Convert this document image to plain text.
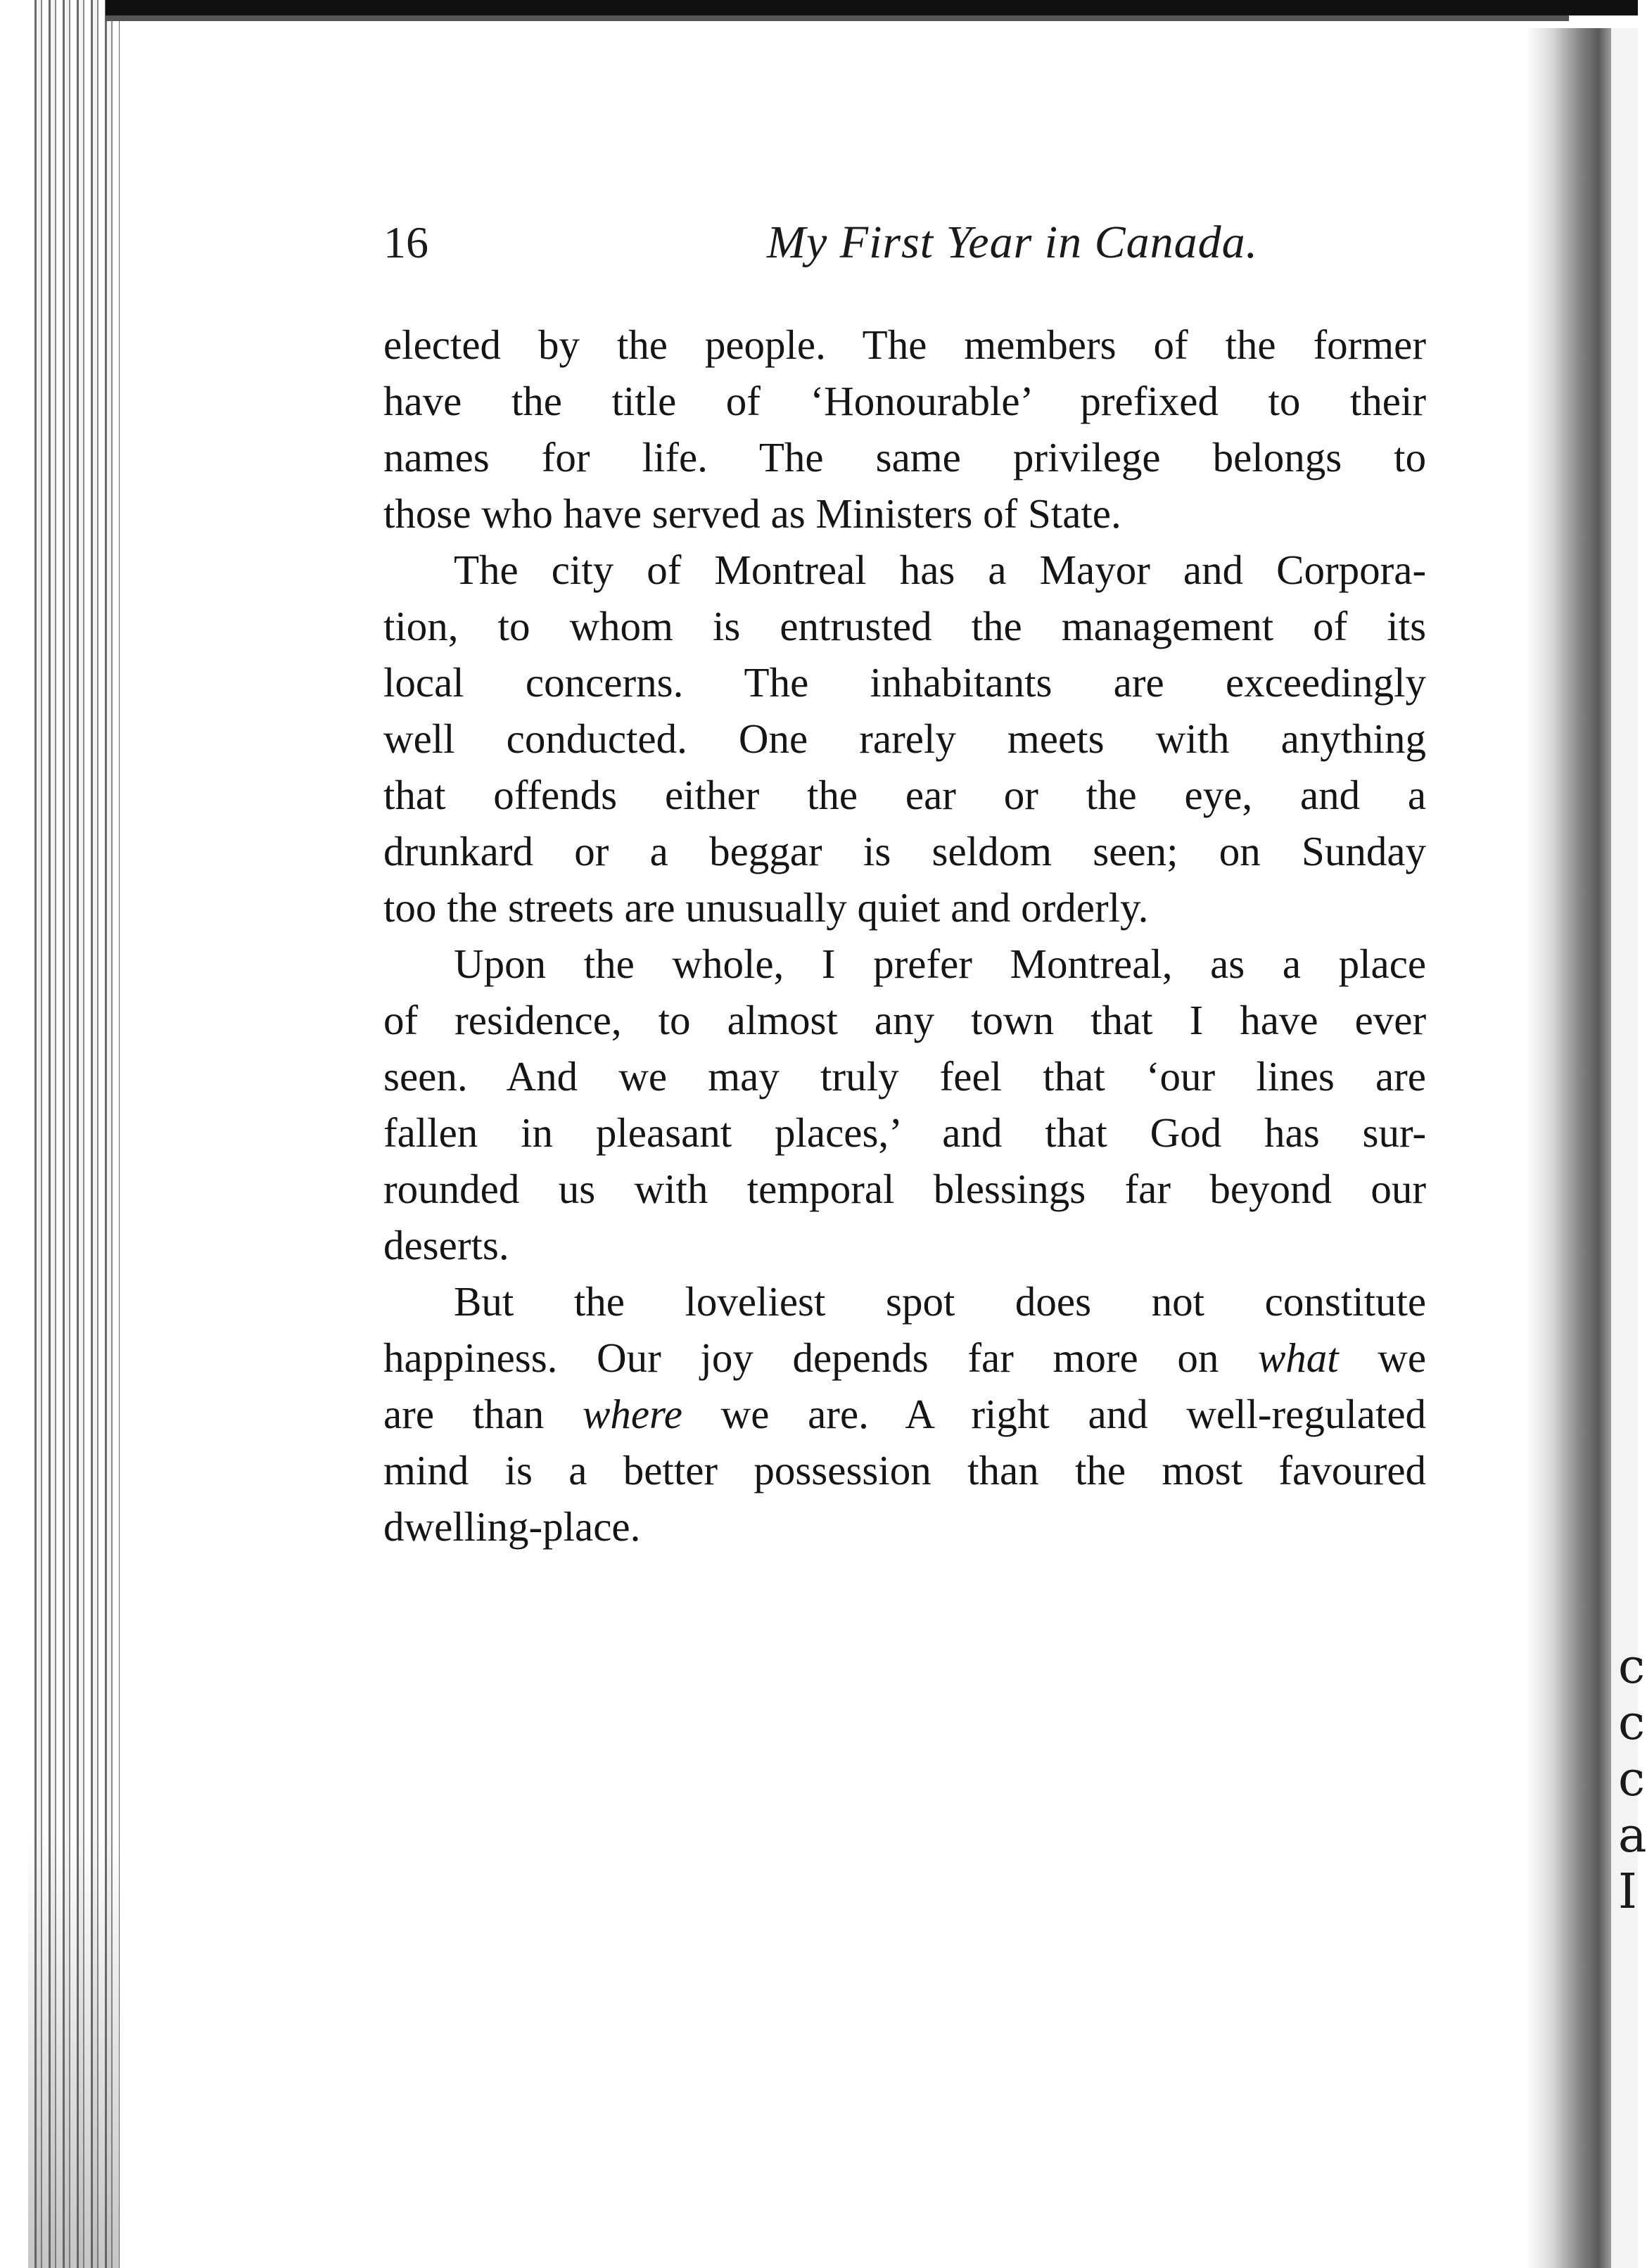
c
c
c
a
I
16	My First Year in Canada.
elected by the people. The members of the former
have the title of ‘Honourable’ prefixed to their
names for life. The same privilege belongs to
those who have served as Ministers of State.
The city of Montreal has a Mayor and Corpora-
tion, to whom is entrusted the management of its
local concerns. The inhabitants are exceedingly
well conducted. One rarely meets with anything
that offends either the ear or the eye, and a
drunkard or a beggar is seldom seen; on Sunday
too the streets are unusually quiet and orderly.
Upon the whole, I prefer Montreal, as a place
of residence, to almost any town that I have ever
seen. And we may truly feel that ‘our lines are
fallen in pleasant places,’ and that God has sur-
rounded us with temporal blessings far beyond our
deserts.
But the loveliest spot does not constitute
happiness. Our joy depends far more on what we
are than where we are. A right and well-regulated
mind is a better possession than the most favoured
dwelling-place.
